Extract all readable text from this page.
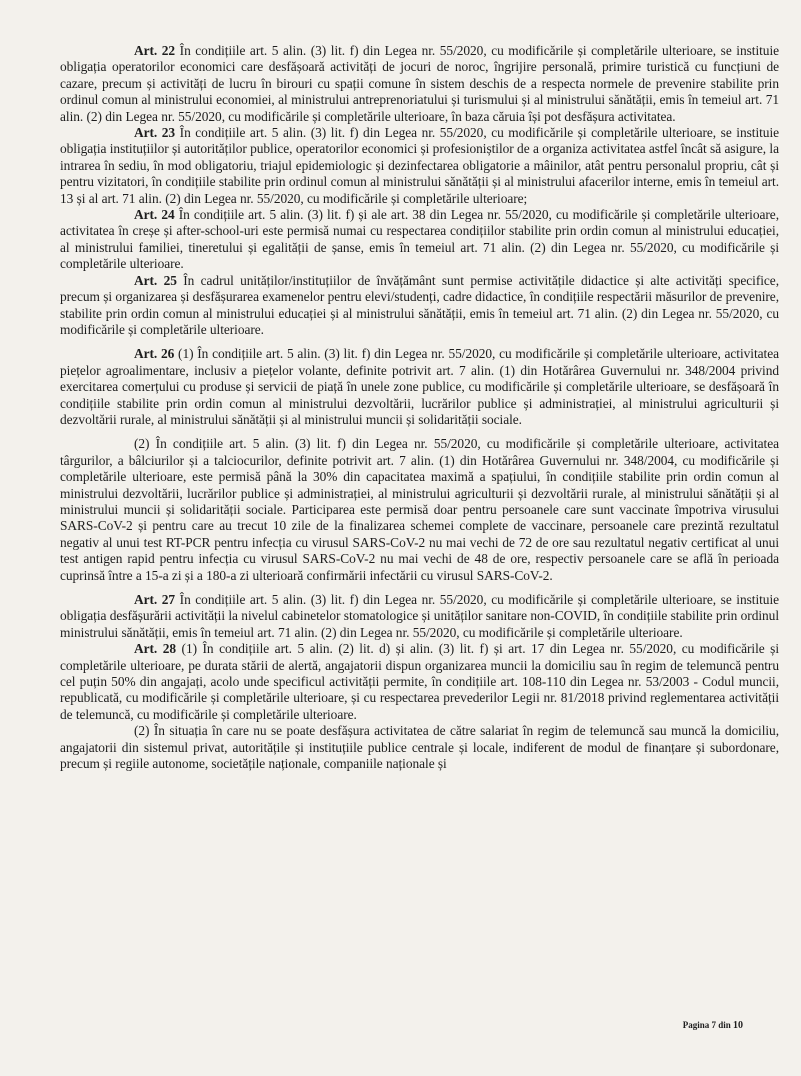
Art. 22 În condițiile art. 5 alin. (3) lit. f) din Legea nr. 55/2020, cu modificările și completările ulterioare, se instituie obligația operatorilor economici care desfășoară activități de jocuri de noroc, îngrijire personală, primire turistică cu funcțiuni de cazare, precum și activități de lucru în birouri cu spații comune în sistem deschis de a respecta normele de prevenire stabilite prin ordinul comun al ministrului economiei, al ministrului antreprenoriatului și turismului și al ministrului sănătății, emis în temeiul art. 71 alin. (2) din Legea nr. 55/2020, cu modificările și completările ulterioare, în baza căruia își pot desfășura activitatea.

Art. 23 În condițiile art. 5 alin. (3) lit. f) din Legea nr. 55/2020, cu modificările și completările ulterioare, se instituie obligația instituțiilor și autorităților publice, operatorilor economici și profesioniștilor de a organiza activitatea astfel încât să asigure, la intrarea în sediu, în mod obligatoriu, triajul epidemiologic și dezinfectarea obligatorie a mâinilor, atât pentru personalul propriu, cât și pentru vizitatori, în condițiile stabilite prin ordinul comun al ministrului sănătății și al ministrului afacerilor interne, emis în temeiul art. 13 și al art. 71 alin. (2) din Legea nr. 55/2020, cu modificările și completările ulterioare;

Art. 24 În condițiile art. 5 alin. (3) lit. f) și ale art. 38 din Legea nr. 55/2020, cu modificările și completările ulterioare, activitatea în creșe și after-school-uri este permisă numai cu respectarea condițiilor stabilite prin ordin comun al ministrului educației, al ministrului familiei, tineretului și egalității de șanse, emis în temeiul art. 71 alin. (2) din Legea nr. 55/2020, cu modificările și completările ulterioare.

Art. 25 În cadrul unităților/instituțiilor de învățământ sunt permise activitățile didactice și alte activități specifice, precum și organizarea și desfășurarea examenelor pentru elevi/studenți, cadre didactice, în condițiile respectării măsurilor de prevenire, stabilite prin ordin comun al ministrului educației și al ministrului sănătății, emis în temeiul art. 71 alin. (2) din Legea nr. 55/2020, cu modificările și completările ulterioare.

Art. 26 (1) În condițiile art. 5 alin. (3) lit. f) din Legea nr. 55/2020, cu modificările și completările ulterioare, activitatea piețelor agroalimentare, inclusiv a piețelor volante, definite potrivit art. 7 alin. (1) din Hotărârea Guvernului nr. 348/2004 privind exercitarea comerțului cu produse și servicii de piață în unele zone publice, cu modificările și completările ulterioare, se desfășoară în condițiile stabilite prin ordin comun al ministrului dezvoltării, lucrărilor publice și administrației, al ministrului agriculturii și dezvoltării rurale, al ministrului sănătății și al ministrului muncii și solidarității sociale.

(2) În condițiile art. 5 alin. (3) lit. f) din Legea nr. 55/2020, cu modificările și completările ulterioare, activitatea târgurilor, a bâlciurilor și a talciocurilor, definite potrivit art. 7 alin. (1) din Hotărârea Guvernului nr. 348/2004, cu modificările și completările ulterioare, este permisă până la 30% din capacitatea maximă a spațiului, în condițiile stabilite prin ordin comun al ministrului dezvoltării, lucrărilor publice și administrației, al ministrului agriculturii și dezvoltării rurale, al ministrului sănătății și al ministrului muncii și solidarității sociale. Participarea este permisă doar pentru persoanele care sunt vaccinate împotriva virusului SARS-CoV-2 și pentru care au trecut 10 zile de la finalizarea schemei complete de vaccinare, persoanele care prezintă rezultatul negativ al unui test RT-PCR pentru infecția cu virusul SARS-CoV-2 nu mai vechi de 72 de ore sau rezultatul negativ certificat al unui test antigen rapid pentru infecția cu virusul SARS-CoV-2 nu mai vechi de 48 de ore, respectiv persoanele care se află în perioada cuprinsă între a 15-a zi și a 180-a zi ulterioară confirmării infectării cu virusul SARS-CoV-2.

Art. 27 În condițiile art. 5 alin. (3) lit. f) din Legea nr. 55/2020, cu modificările și completările ulterioare, se instituie obligația desfășurării activității la nivelul cabinetelor stomatologice și unităților sanitare non-COVID, în condițiile stabilite prin ordinul ministrului sănătății, emis în temeiul art. 71 alin. (2) din Legea nr. 55/2020, cu modificările și completările ulterioare.

Art. 28 (1) În condițiile art. 5 alin. (2) lit. d) și alin. (3) lit. f) și art. 17 din Legea nr. 55/2020, cu modificările și completările ulterioare, pe durata stării de alertă, angajatorii dispun organizarea muncii la domiciliu sau în regim de telemuncă pentru cel puțin 50% din angajați, acolo unde specificul activității permite, în condițiile art. 108-110 din Legea nr. 53/2003 - Codul muncii, republicată, cu modificările și completările ulterioare, și cu respectarea prevederilor Legii nr. 81/2018 privind reglementarea activității de telemuncă, cu modificările și completările ulterioare.

(2) În situația în care nu se poate desfășura activitatea de către salariat în regim de telemuncă sau muncă la domiciliu, angajatorii din sistemul privat, autoritățile și instituțiile publice centrale și locale, indiferent de modul de finanțare și subordonare, precum și regiile autonome, societățile naționale, companiile naționale și

Pagina 7 din 10
